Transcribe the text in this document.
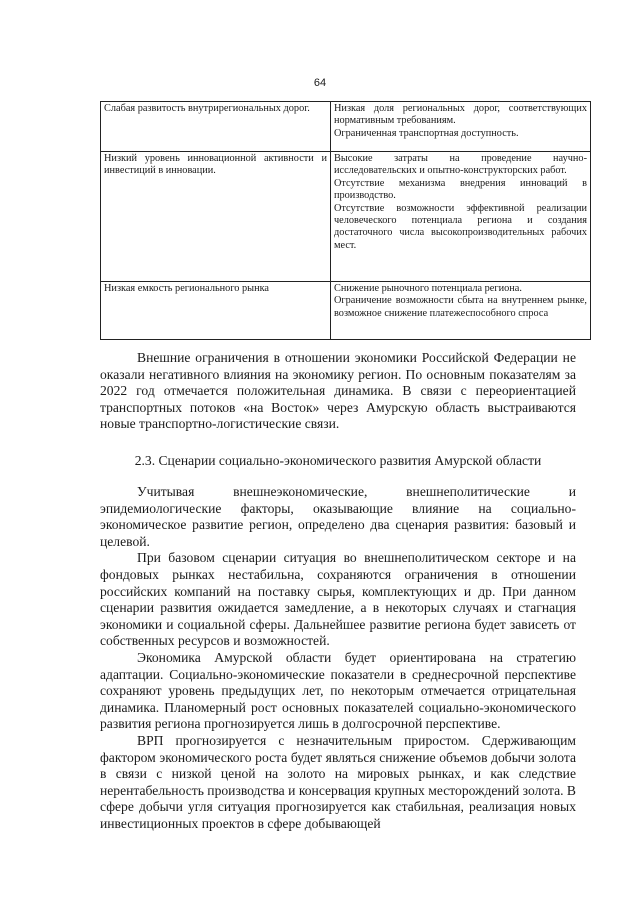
64

Слабая развитость внутрирегиональных дорог.	Низкая доля региональных дорог, соответствующих нормативным требованиям.

Ограниченная транспортная доступность.

Низкий уровень инновационной активности и инвестиций в инновации.	Высокие затраты на проведение научно-исследовательских и опытно-конструкторских работ.

Отсутствие механизма внедрения инноваций в производство.

Отсутствие возможности эффективной реализации человеческого потенциала региона и создания достаточного числа высокопроизводительных рабочих мест.

Низкая емкость регионального рынка	Снижение рыночного потенциала региона.

Ограничение возможности сбыта на внутреннем рынке, возможное снижение платежеспособного спроса

Внешние ограничения в отношении экономики Российской Федерации не оказали негативного влияния на экономику регион. По основным показателям за 2022 год отмечается положительная динамика. В связи с переориентацией транспортных потоков «на Восток» через Амурскую область выстраиваются новые транспортно-логистические связи.

2.3. Сценарии социально-экономического развития Амурской области

Учитывая внешнеэкономические, внешнеполитические и эпидемиологические факторы, оказывающие влияние на социально-экономическое развитие регион, определено два сценария развития: базовый и целевой.

При базовом сценарии ситуация во внешнеполитическом секторе и на фондовых рынках нестабильна, сохраняются ограничения в отношении российских компаний на поставку сырья, комплектующих и др. При данном сценарии развития ожидается замедление, а в некоторых случаях и стагнация экономики и социальной сферы. Дальнейшее развитие региона будет зависеть от собственных ресурсов и возможностей.

Экономика Амурской области будет ориентирована на стратегию адаптации. Социально-экономические показатели в среднесрочной перспективе сохраняют уровень предыдущих лет, по некоторым отмечается отрицательная динамика. Планомерный рост основных показателей социально-экономического развития региона прогнозируется лишь в долгосрочной перспективе.

ВРП прогнозируется с незначительным приростом. Сдерживающим фактором экономического роста будет являться снижение объемов добычи золота в связи с низкой ценой на золото на мировых рынках, и как следствие нерентабельность производства и консервация крупных месторождений золота. В сфере добычи угля ситуация прогнозируется как стабильная, реализация новых инвестиционных проектов в сфере добывающей
